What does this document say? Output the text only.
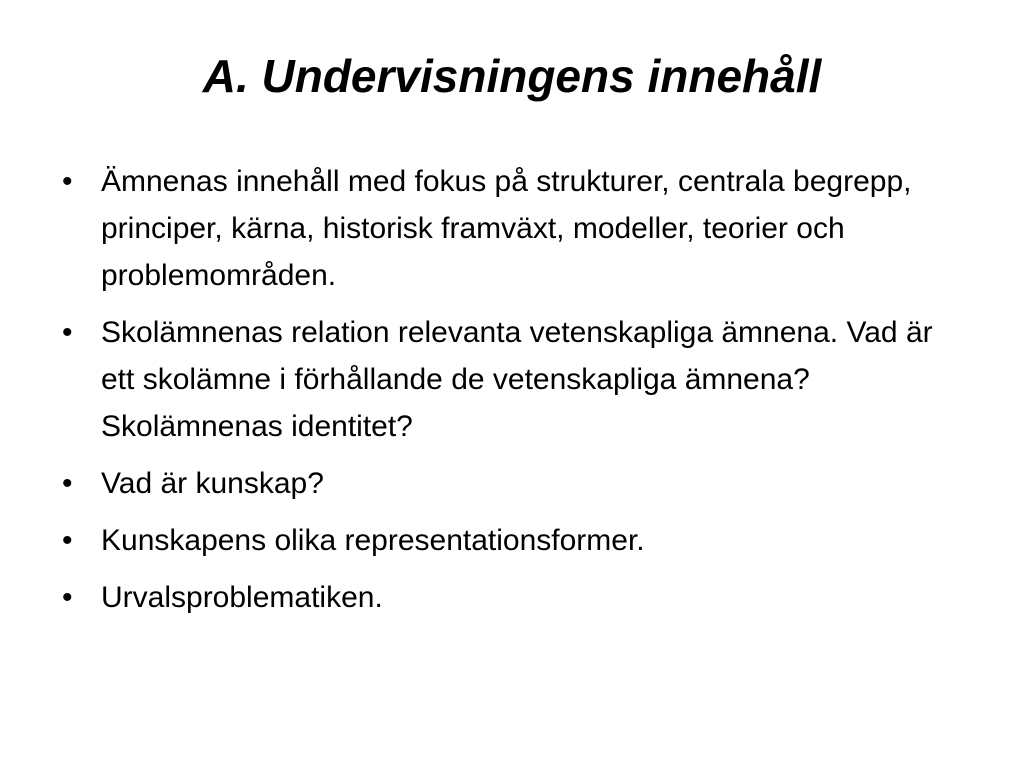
A. Undervisningens innehåll
• Ämnenas innehåll med fokus på strukturer, centrala begrepp, principer, kärna, historisk framväxt, modeller, teorier och problemområden.
• Skolämnenas relation relevanta vetenskapliga ämnena. Vad är ett skolämne i förhållande de vetenskapliga ämnena?  Skolämnenas identitet?
• Vad är kunskap?
• Kunskapens olika representationsformer.
• Urvalsproblematiken.
